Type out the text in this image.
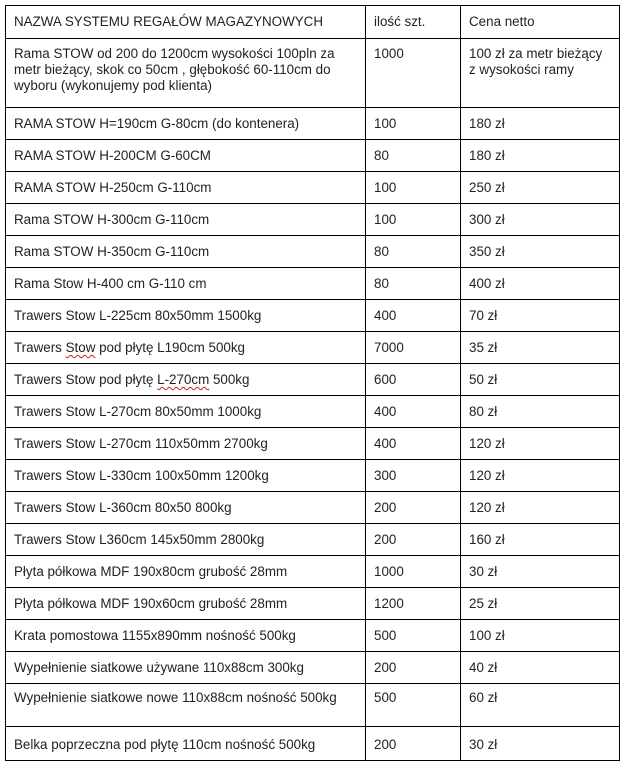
NAZWA SYSTEMU REGAŁÓW MAGAZYNOWYCH	ilość szt.	Cena netto
Rama STOW od 200 do 1200cm wysokości 100pln za metr bieżący, skok co 50cm , głębokość 60-110cm do wyboru (wykonujemy pod klienta)	1000	100 zł za metr bieżący z wysokości ramy
RAMA STOW H=190cm G-80cm (do kontenera)	100	180 zł
RAMA STOW H-200CM G-60CM	80	180 zł
RAMA STOW H-250cm G-110cm	100	250 zł
Rama STOW H-300cm G-110cm	100	300 zł
Rama STOW H-350cm G-110cm	80	350 zł
Rama Stow H-400 cm G-110 cm	80	400 zł
Trawers Stow L-225cm 80x50mm 1500kg	400	70 zł
Trawers Stow pod płytę L190cm 500kg	7000	35 zł
Trawers Stow pod płytę L-270cm 500kg	600	50 zł
Trawers Stow L-270cm 80x50mm 1000kg	400	80 zł
Trawers Stow L-270cm 110x50mm 2700kg	400	120 zł
Trawers Stow L-330cm 100x50mm 1200kg	300	120 zł
Trawers Stow L-360cm 80x50 800kg	200	120 zł
Trawers Stow L360cm 145x50mm 2800kg	200	160 zł
Płyta półkowa MDF 190x80cm grubość 28mm	1000	30 zł
Płyta półkowa MDF 190x60cm grubość 28mm	1200	25 zł
Krata pomostowa 1155x890mm nośność 500kg	500	100 zł
Wypełnienie siatkowe używane 110x88cm 300kg	200	40 zł
Wypełnienie siatkowe nowe 110x88cm nośność 500kg	500	60 zł
Belka poprzeczna pod płytę 110cm nośność 500kg	200	30 zł
